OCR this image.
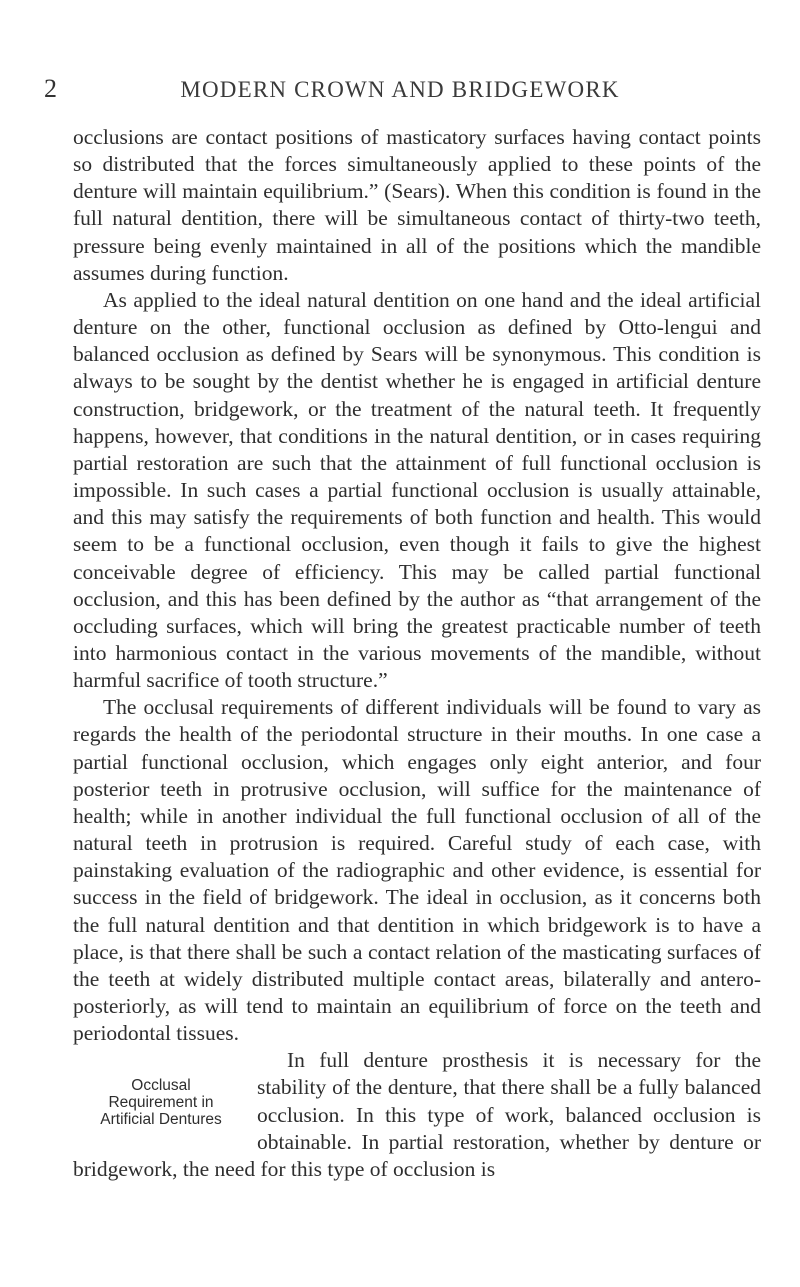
2	MODERN CROWN AND BRIDGEWORK

occlusions are contact positions of masticatory surfaces having contact points so distributed that the forces simultaneously applied to these points of the denture will maintain equilibrium.” (Sears). When this condition is found in the full natural dentition, there will be simultaneous contact of thirty-two teeth, pressure being evenly maintained in all of the positions which the mandible assumes during function.

As applied to the ideal natural dentition on one hand and the ideal artificial denture on the other, functional occlusion as defined by Otto-lengui and balanced occlusion as defined by Sears will be synonymous. This condition is always to be sought by the dentist whether he is engaged in artificial denture construction, bridgework, or the treatment of the natural teeth. It frequently happens, however, that conditions in the natural dentition, or in cases requiring partial restoration are such that the attainment of full functional occlusion is impossible. In such cases a partial functional occlusion is usually attainable, and this may satisfy the requirements of both function and health. This would seem to be a functional occlusion, even though it fails to give the highest conceivable degree of efficiency. This may be called partial functional occlusion, and this has been defined by the author as “that arrangement of the occluding surfaces, which will bring the greatest practicable number of teeth into harmonious contact in the various movements of the mandible, without harmful sacrifice of tooth structure.”

The occlusal requirements of different individuals will be found to vary as regards the health of the periodontal structure in their mouths. In one case a partial functional occlusion, which engages only eight anterior, and four posterior teeth in protrusive occlusion, will suffice for the maintenance of health; while in another individual the full functional occlusion of all of the natural teeth in protrusion is required. Careful study of each case, with painstaking evaluation of the radiographic and other evidence, is essential for success in the field of bridgework. The ideal in occlusion, as it concerns both the full natural dentition and that dentition in which bridgework is to have a place, is that there shall be such a contact relation of the masticating surfaces of the teeth at widely distributed multiple contact areas, bilaterally and antero-posteriorly, as will tend to maintain an equilibrium of force on the teeth and periodontal tissues.

Occlusal
Requirement in
Artificial Dentures

In full denture prosthesis it is necessary for the stability of the denture, that there shall be a fully balanced occlusion. In this type of work, balanced occlusion is obtainable. In partial restoration, whether by denture or bridgework, the need for this type of occlusion is
